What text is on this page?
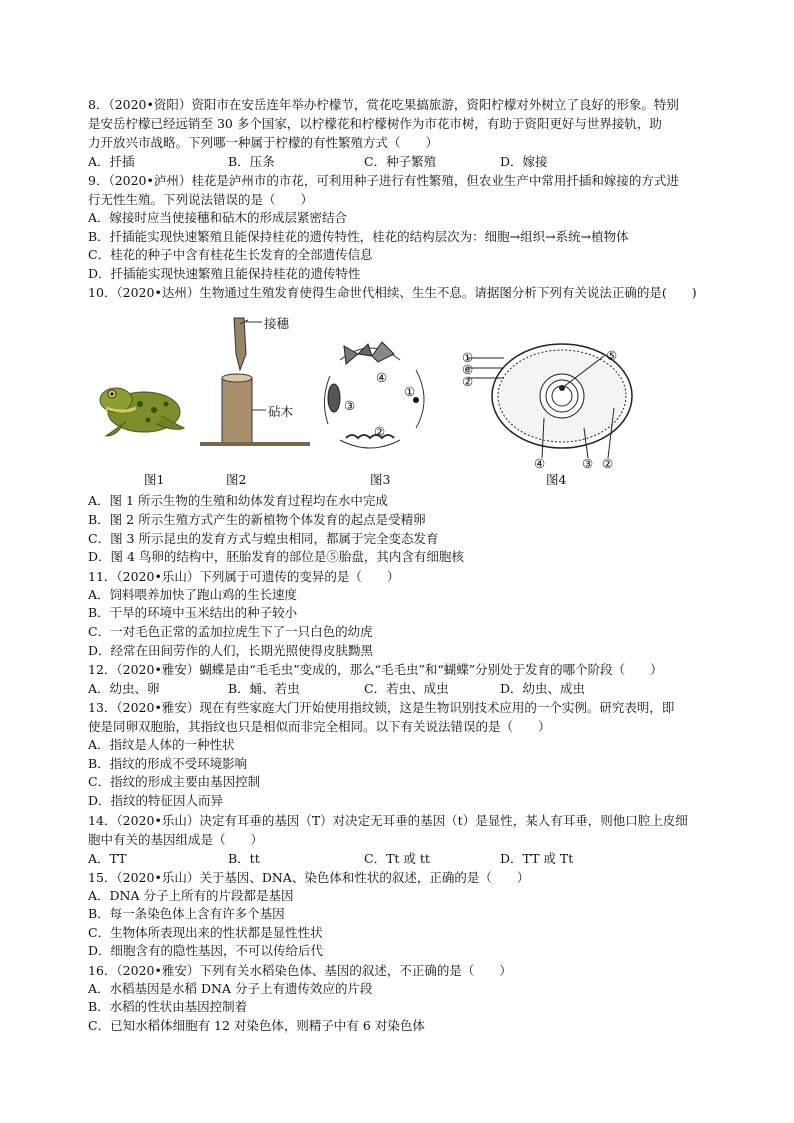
8．（2020•资阳）资阳市在安岳连年举办柠檬节，赏花吃果搞旅游，资阳柠檬对外树立了良好的形象。特别

是安岳柠檬已经远销至 30 多个国家，以柠檬花和柠檬树作为市花市树，有助于资阳更好与世界接轨，助

力开放兴市战略。下列哪一种属于柠檬的有性繁殖方式（　　）

A．扦插	B．压条	C．种子繁殖	D．嫁接

9．（2020•泸州）桂花是泸州市的市花，可利用种子进行有性繁殖，但农业生产中常用扦插和嫁接的方式进

行无性生殖。下列说法错误的是（　　）

A．嫁接时应当使接穗和砧木的形成层紧密结合

B．扦插能实现快速繁殖且能保持桂花的遗传特性，桂花的结构层次为：细胞→组织→系统→植物体

C．桂花的种子中含有桂花生长发育的全部遗传信息

D．扦插能实现快速繁殖且能保持桂花的遗传特性

10．（2020•达州）生物通过生殖发育使得生命世代相续、生生不息。请据图分析下列有关说法正确的是(　　)

接穗
砧木
④
①
③
②
①
⑥
②
⑤
④	③ ②
图1	图2	图3	图4

A．图 1 所示生物的生殖和幼体发育过程均在水中完成

B．图 2 所示生殖方式产生的新植物个体发育的起点是受精卵

C．图 3 所示昆虫的发育方式与蝗虫相同，都属于完全变态发育

D．图 4 鸟卵的结构中，胚胎发育的部位是⑤胎盘，其内含有细胞核

11．（2020•乐山）下列属于可遗传的变异的是（　　）

A．饲料喂养加快了跑山鸡的生长速度

B．干旱的环境中玉米结出的种子较小

C．一对毛色正常的孟加拉虎生下了一只白色的幼虎

D．经常在田间劳作的人们，长期光照使得皮肤黝黑

12．（2020•雅安）蝴蝶是由“毛毛虫”变成的，那么“毛毛虫”和“蝴蝶”分别处于发育的哪个阶段（　　）

A．幼虫、卵	B．蛹、若虫	C．若虫、成虫	D．幼虫、成虫

13．（2020•雅安）现在有些家庭大门开始使用指纹锁，这是生物识别技术应用的一个实例。研究表明，即

使是同卵双胞胎，其指纹也只是相似而非完全相同。以下有关说法错误的是（　　）

A．指纹是人体的一种性状

B．指纹的形成不受环境影响

C．指纹的形成主要由基因控制

D．指纹的特征因人而异

14．（2020•乐山）决定有耳垂的基因（T）对决定无耳垂的基因（t）是显性，某人有耳垂，则他口腔上皮细

胞中有关的基因组成是（　　）

A．TT	B．tt	C．Tt 或 tt	D．TT 或 Tt

15．（2020•乐山）关于基因、DNA、染色体和性状的叙述，正确的是（　　）

A．DNA 分子上所有的片段都是基因

B．每一条染色体上含有许多个基因

C．生物体所表现出来的性状都是显性性状

D．细胞含有的隐性基因，不可以传给后代

16．（2020•雅安）下列有关水稻染色体、基因的叙述，不正确的是（　　）

A．水稻基因是水稻 DNA 分子上有遗传效应的片段

B．水稻的性状由基因控制着

C．已知水稻体细胞有 12 对染色体，则精子中有 6 对染色体
